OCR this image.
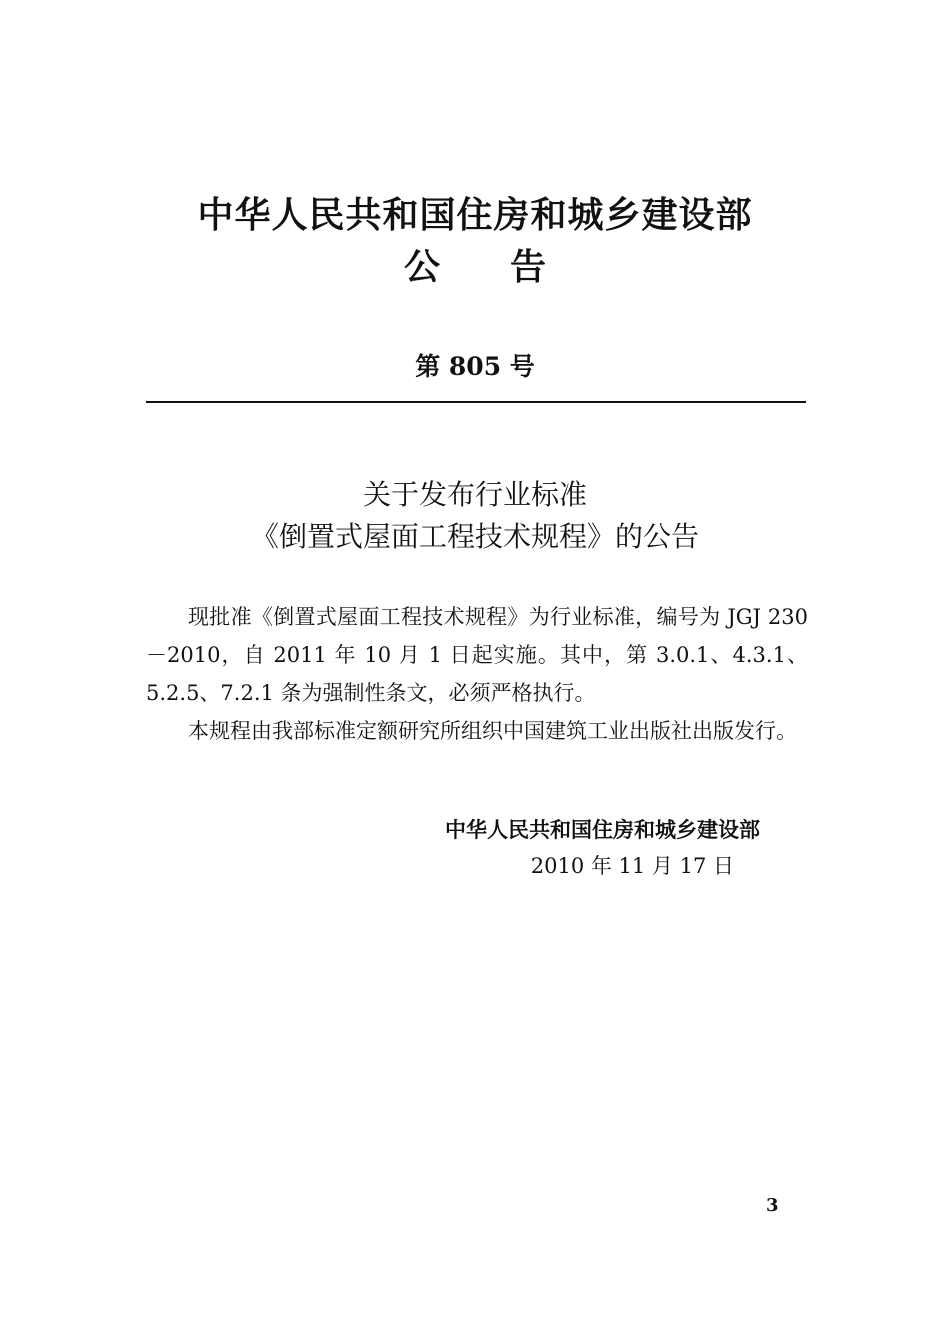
中华人民共和国住房和城乡建设部
公告
第 805 号
关于发布行业标准
《倒置式屋面工程技术规程》的公告

现批准《倒置式屋面工程技术规程》为行业标准，编号为 JGJ 230－2010，自 2011 年 10 月 1 日起实施。其中，第 3.0.1、4.3.1、5.2.5、7.2.1 条为强制性条文，必须严格执行。

本规程由我部标准定额研究所组织中国建筑工业出版社出版发行。

中华人民共和国住房和城乡建设部
2010 年 11 月 17 日
3
